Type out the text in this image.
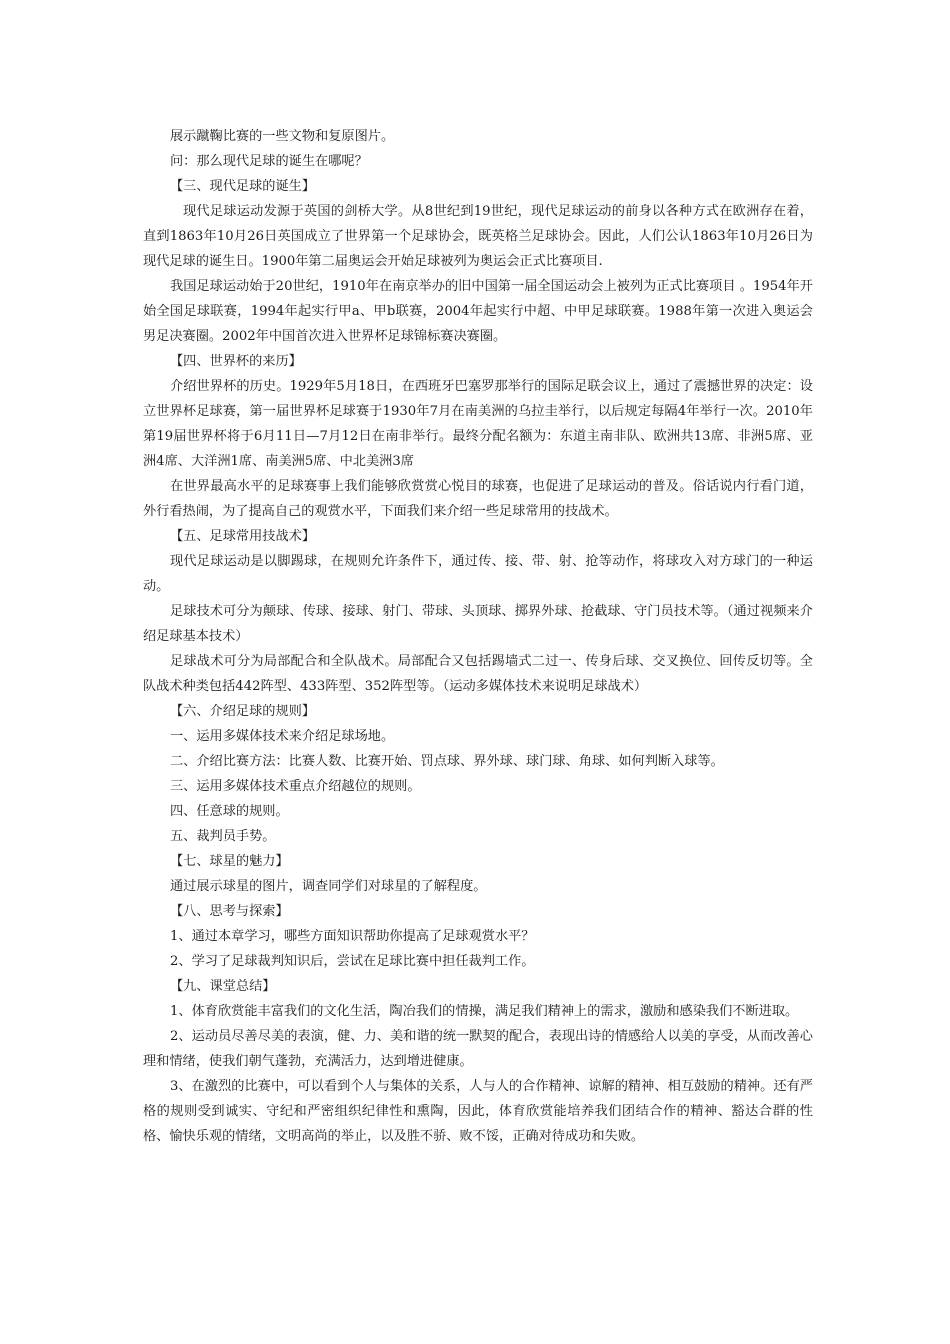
展示蹴鞠比赛的一些文物和复原图片。

问：那么现代足球的诞生在哪呢？

【三、现代足球的诞生】

现代足球运动发源于英国的剑桥大学。从8世纪到19世纪，现代足球运动的前身以各种方式在欧洲存在着，直到1863年10月26日英国成立了世界第一个足球协会，既英格兰足球协会。因此，人们公认1863年10月26日为现代足球的诞生日。1900年第二届奥运会开始足球被列为奥运会正式比赛项目.

我国足球运动始于20世纪，1910年在南京举办的旧中国第一届全国运动会上被列为正式比赛项目 。1954年开始全国足球联赛，1994年起实行甲a、甲b联赛，2004年起实行中超、中甲足球联赛。1988年第一次进入奥运会男足决赛圈。2002年中国首次进入世界杯足球锦标赛决赛圈。

【四、世界杯的来历】

介绍世界杯的历史。1929年5月18日，在西班牙巴塞罗那举行的国际足联会议上，通过了震撼世界的决定：设立世界杯足球赛，第一届世界杯足球赛于1930年7月在南美洲的乌拉圭举行，以后规定每隔4年举行一次。2010年第19届世界杯将于6月11日—7月12日在南非举行。最终分配名额为：东道主南非队、欧洲共13席、非洲5席、亚洲4席、大洋洲1席、南美洲5席、中北美洲3席

在世界最高水平的足球赛事上我们能够欣赏赏心悦目的球赛，也促进了足球运动的普及。俗话说内行看门道，外行看热闹，为了提高自己的观赏水平，下面我们来介绍一些足球常用的技战术。

【五、足球常用技战术】

现代足球运动是以脚踢球，在规则允许条件下，通过传、接、带、射、抢等动作，将球攻入对方球门的一种运动。

足球技术可分为颠球、传球、接球、射门、带球、头顶球、掷界外球、抢截球、守门员技术等。（通过视频来介绍足球基本技术）

足球战术可分为局部配合和全队战术。局部配合又包括踢墙式二过一、传身后球、交叉换位、回传反切等。全队战术种类包括442阵型、433阵型、352阵型等。（运动多媒体技术来说明足球战术）

【六、介绍足球的规则】

一、运用多媒体技术来介绍足球场地。

二、介绍比赛方法：比赛人数、比赛开始、罚点球、界外球、球门球、角球、如何判断入球等。

三、运用多媒体技术重点介绍越位的规则。

四、任意球的规则。

五、裁判员手势。

【七、球星的魅力】

通过展示球星的图片，调查同学们对球星的了解程度。

【八、思考与探索】

1、通过本章学习，哪些方面知识帮助你提高了足球观赏水平？

2、学习了足球裁判知识后，尝试在足球比赛中担任裁判工作。

【九、课堂总结】

1、体育欣赏能丰富我们的文化生活，陶冶我们的情操，满足我们精神上的需求，激励和感染我们不断进取。

2、运动员尽善尽美的表演，健、力、美和谐的统一默契的配合，表现出诗的情感给人以美的享受，从而改善心理和情绪，使我们朝气蓬勃，充满活力，达到增进健康。

3、在激烈的比赛中，可以看到个人与集体的关系，人与人的合作精神、谅解的精神、相互鼓励的精神。还有严格的规则受到诚实、守纪和严密组织纪律性和熏陶，因此，体育欣赏能培养我们团结合作的精神、豁达合群的性格、愉快乐观的情绪，文明高尚的举止，以及胜不骄、败不馁，正确对待成功和失败。
